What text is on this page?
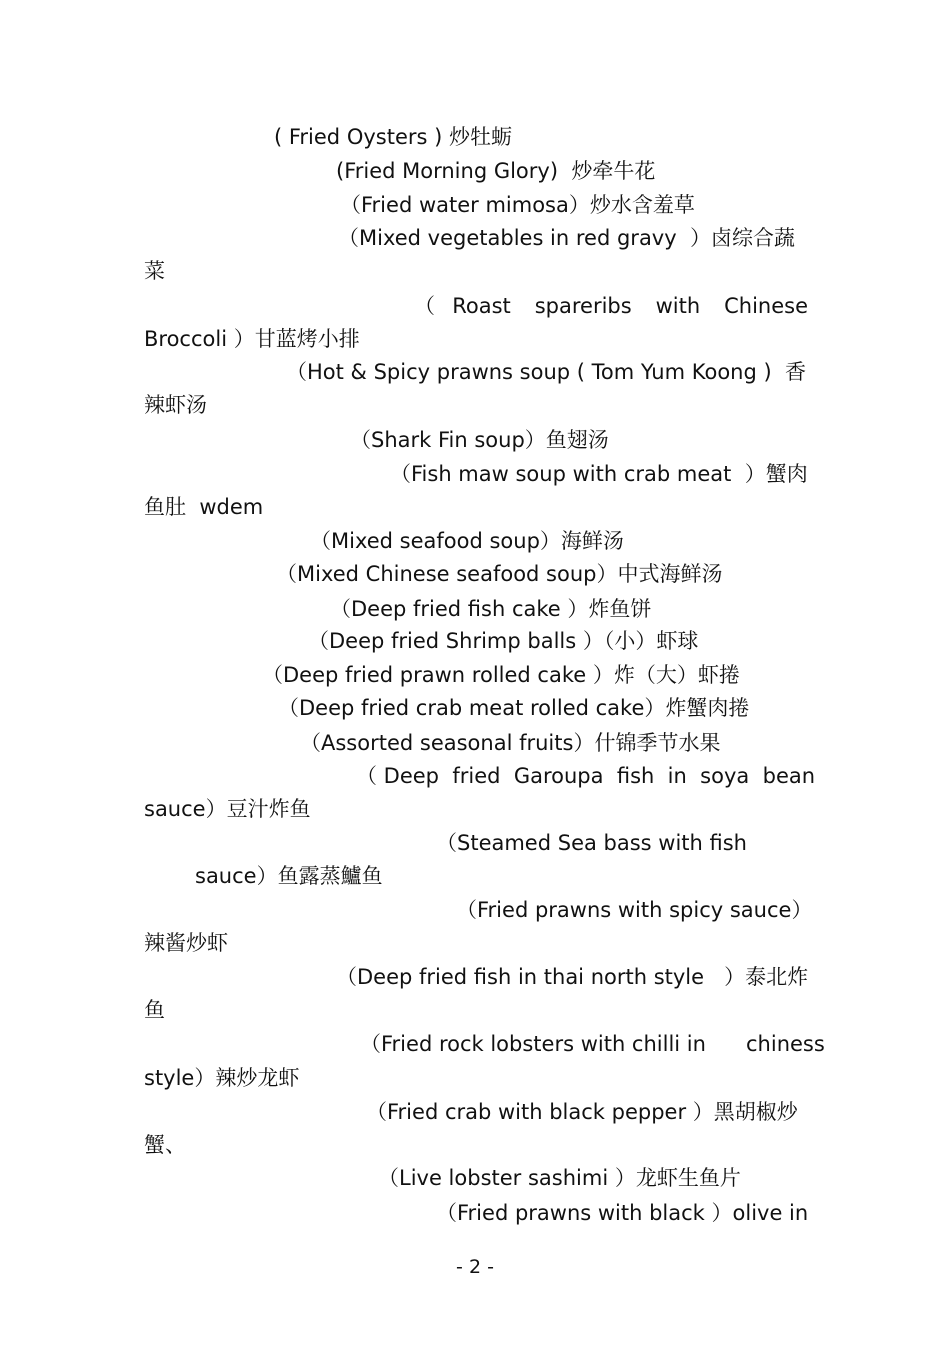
( Fried Oysters ) 炒牡蛎
(Fried Morning Glory)  炒牵牛花
（Fried water mimosa）炒水含羞草
（Mixed vegetables in red gravy  ）卤综合蔬
菜
（  Roast   spareribs   with   Chinese
Broccoli ）甘蓝烤小排
（Hot & Spicy prawns soup ( Tom Yum Koong )  香
辣虾汤
（Shark Fin soup）鱼翅汤
（Fish maw soup with crab meat  ）蟹肉
鱼肚  wdem
（Mixed seafood soup）海鲜汤
（Mixed Chinese seafood soup）中式海鲜汤
（Deep fried fish cake ）炸鱼饼
（Deep fried Shrimp balls ）（小）虾球
（Deep fried prawn rolled cake ）炸（大）虾捲
（Deep fried crab meat rolled cake）炸蟹肉捲
（Assorted seasonal fruits）什锦季节水果
（ Deep  fried  Garoupa  fish  in  soya  bean
sauce）豆汁炸鱼
（Steamed Sea bass with fish
sauce）鱼露蒸鱸鱼
（Fried prawns with spicy sauce）
辣酱炒虾
（Deep fried fish in thai north style   ）泰北炸
鱼
（Fried rock lobsters with chilli in      chiness
style）辣炒龙虾
（Fried crab with black pepper ）黑胡椒炒
蟹、
（Live lobster sashimi ）龙虾生鱼片
（Fried prawns with black ）olive in
- 2 -
